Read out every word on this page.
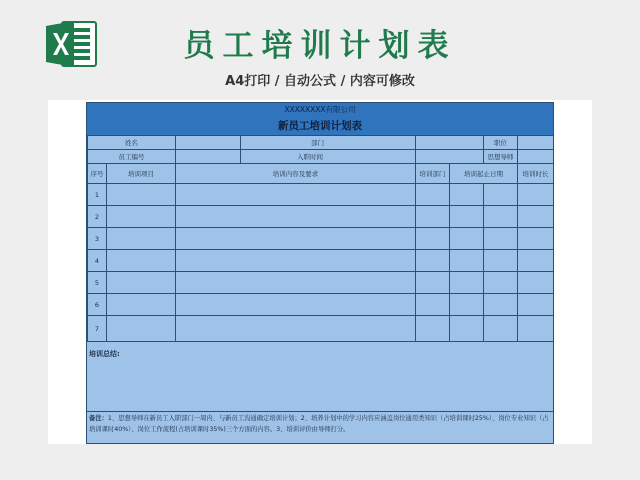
员工培训计划表
A4打印 / 自动公式 / 内容可修改
XXXXXXXX有限公司
新员工培训计划表
姓名			部门			职位	
员工编号			入职时间			思想导师	
序号	培训项目	培训内容及要求		培训部门	培训起止日期		培训时长
1							
2							
3							
4							
5							
6							
7							
培训总结:
备注：1、思想导师在新员工入职部门一周内、与新员工沟通确定培训计划；2、培养计划中的学习内容应涵盖岗位通用类知识（占培训课时25%）、岗位专业知识（占培训课时40%）、岗位工作流程(占培训课时35%)三个方面的内容。3、培训评价由导师打分。
